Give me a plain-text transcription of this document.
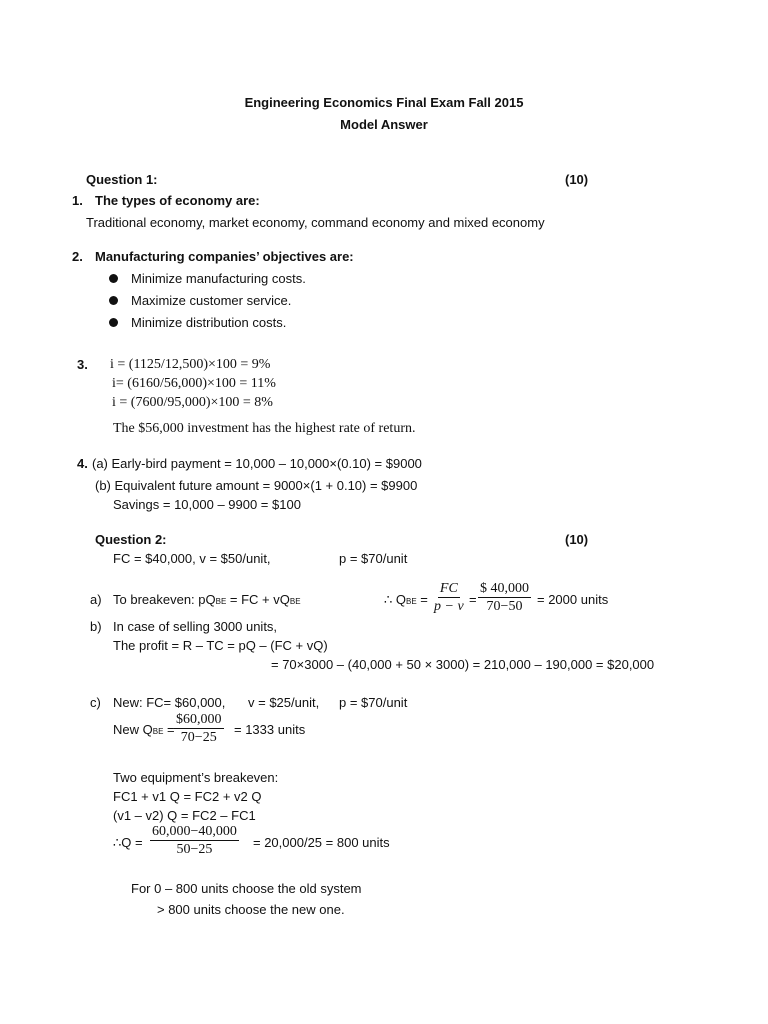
Engineering Economics Final Exam Fall 2015
Model Answer
Question 1:	(10)
1. The types of economy are:
Traditional economy, market economy, command economy and mixed economy
2. Manufacturing companies’ objectives are:
Minimize manufacturing costs.
Maximize customer service.
Minimize distribution costs.
3. i = (1125/12,500)×100 = 9%
i= (6160/56,000)×100 = 11%
i = (7600/95,000)×100 = 8%
The $56,000 investment has the highest rate of return.
4. (a) Early-bird payment = 10,000 – 10,000×(0.10) = $9000
(b) Equivalent future amount = 9000×(1 + 0.10) = $9900
Savings = 10,000 – 9900 = $100
Question 2:	(10)
FC = $40,000, v = $50/unit,	p = $70/unit
a) To breakeven: pQBE = FC + vQBE	∴ QBE = $\frac{FC}{p - v} = \frac{\$ 40,000}{70-50} = 2000$ units
b) In case of selling 3000 units,
The profit = R – TC = pQ – (FC + vQ)
= 70×3000 – (40,000 + 50 × 3000) = 210,000 – 190,000 = $20,000
c) New: FC= $60,000, v = $25/unit, p = $70/unit
New QBE = $\frac{\$60,000}{70-25} = 1333$ units
Two equipment’s breakeven:
FC1 + v1 Q = FC2 + v2 Q
(v1 – v2) Q = FC2 – FC1
∴Q = $\frac{60,000-40,000}{50-25} = 20,000/25 = 800$ units
For 0 – 800 units choose the old system
> 800 units choose the new one.
